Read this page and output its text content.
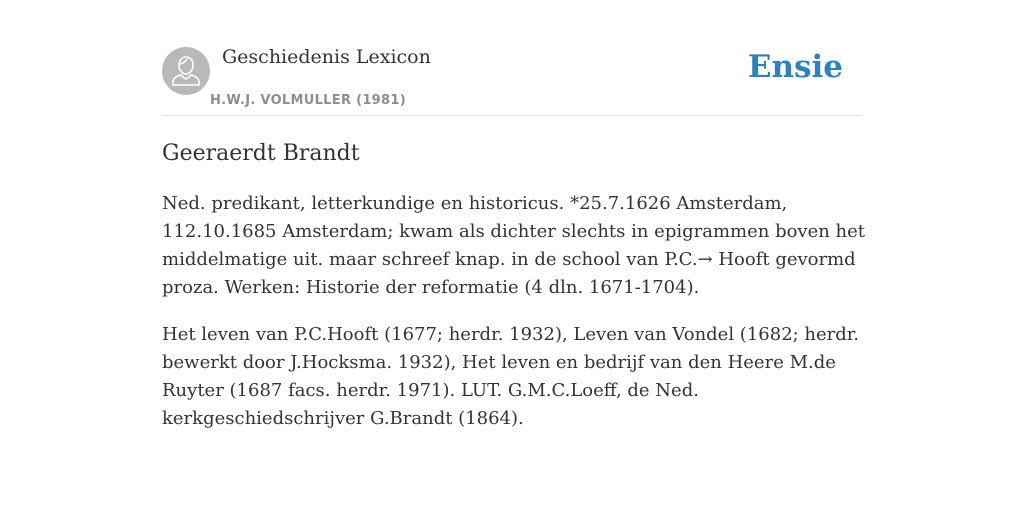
Geschiedenis Lexicon
H.W.J. VOLMULLER (1981)
Ensie
Geeraerdt Brandt

Ned. predikant, letterkundige en historicus. *25.7.1626 Amsterdam, 112.10.1685 Amsterdam; kwam als dichter slechts in epigrammen boven het middelmatige uit. maar schreef knap. in de school van P.C.→ Hooft gevormd proza. Werken: Historie der reformatie (4 dln. 1671-1704).

Het leven van P.C.Hooft (1677; herdr. 1932), Leven van Vondel (1682; herdr. bewerkt door J.Hocksma. 1932), Het leven en bedrijf van den Heere M.de Ruyter (1687 facs. herdr. 1971). LUT. G.M.C.Loeff, de Ned. kerkgeschiedschrijver G.Brandt (1864).
